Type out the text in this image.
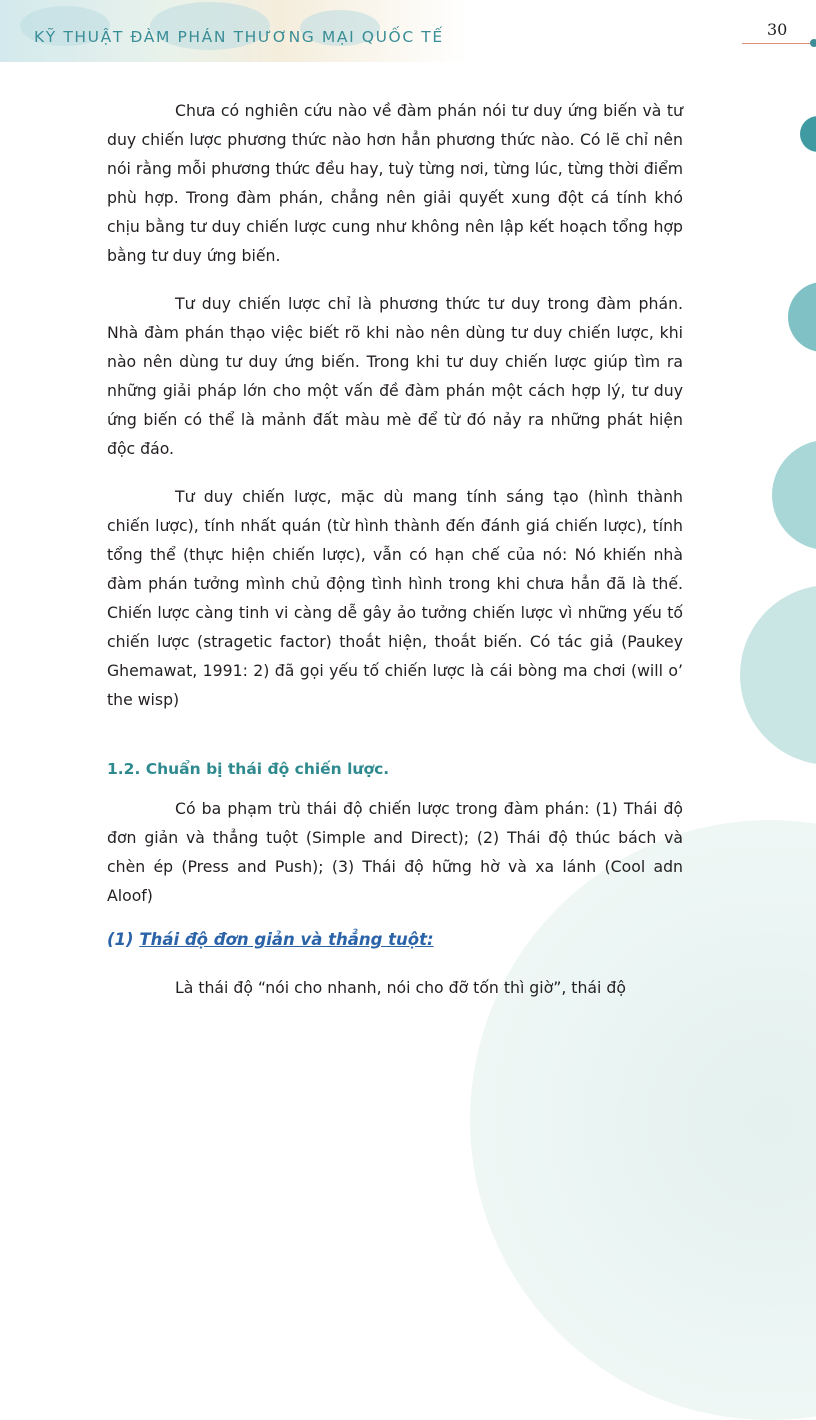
KỸ THUẬT ĐÀM PHÁN THƯƠNG MẠI QUỐC TẾ	30

Chưa có nghiên cứu nào về đàm phán nói tư duy ứng biến và tư duy chiến lược phương thức nào hơn hẳn phương thức nào. Có lẽ chỉ nên nói rằng mỗi phương thức đều hay, tuỳ từng nơi, từng lúc, từng thời điểm phù hợp. Trong đàm phán, chẳng nên giải quyết xung đột cá tính khó chịu bằng tư duy chiến lược cung như không nên lập kết hoạch tổng hợp bằng tư duy ứng biến.

Tư duy chiến lược chỉ là phương thức tư duy trong đàm phán. Nhà đàm phán thạo việc biết rõ khi nào nên dùng tư duy chiến lược, khi nào nên dùng tư duy ứng biến. Trong khi tư duy chiến lược giúp tìm ra những giải pháp lớn cho một vấn đề đàm phán một cách hợp lý, tư duy ứng biến có thể là mảnh đất màu mè để từ đó nảy ra những phát hiện độc đáo.

Tư duy chiến lược, mặc dù mang tính sáng tạo (hình thành chiến lược), tính nhất quán (từ hình thành đến đánh giá chiến lược), tính tổng thể (thực hiện chiến lược), vẫn có hạn chế của nó: Nó khiến nhà đàm phán tưởng mình chủ động tình hình trong khi chưa hẳn đã là thế. Chiến lược càng tinh vi càng dễ gây ảo tưởng chiến lược vì những yếu tố chiến lược (stragetic factor) thoắt hiện, thoắt biến. Có tác giả (Paukey Ghemawat, 1991: 2) đã gọi yếu tố chiến lược là cái bòng ma chơi (will o’ the wisp)

1.2. Chuẩn bị thái độ chiến lược.

Có ba phạm trù thái độ chiến lược trong đàm phán: (1) Thái độ đơn giản và thẳng tuột (Simple and Direct); (2) Thái độ thúc bách và chèn ép (Press and Push); (3) Thái độ hững hờ và xa lánh (Cool adn Aloof)

(1) Thái độ đơn giản và thẳng tuột:

Là thái độ “nói cho nhanh, nói cho đỡ tốn thì giờ”, thái độ
